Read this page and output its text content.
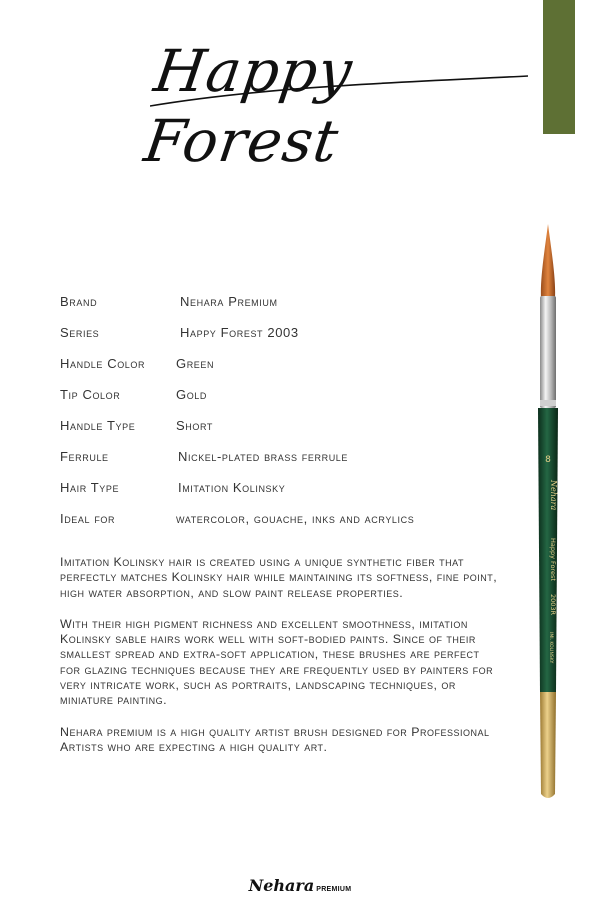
Happy Forest
Brand	Nehara Premium
Series	Happy Forest 2003
Handle Color	Green
Tip Color	Gold
Handle Type	Short
Ferrule	Nickel-plated brass ferrule
Hair Type	Imitation Kolinsky
Ideal for	watercolor, gouache, inks and acrylics

Imitation Kolinsky hair is created using a unique synthetic fiber that perfectly matches Kolinsky hair while maintaining its softness, fine point, high water absorption, and slow paint release properties.

With their high pigment richness and excellent smoothness, imitation Kolinsky sable hairs work well with soft-bodied paints. Since of their smallest spread and extra-soft application, these brushes are perfect for glazing techniques because they are frequently used by painters for very intricate work, such as portraits, landscaping techniques, or miniature painting.

Nehara premium is a high quality artist brush designed for Professional Artists who are expecting a high quality art.

8
Nehara
Happy Forest
2003R
IMI. KOLINSKY
Nehara PREMIUM
